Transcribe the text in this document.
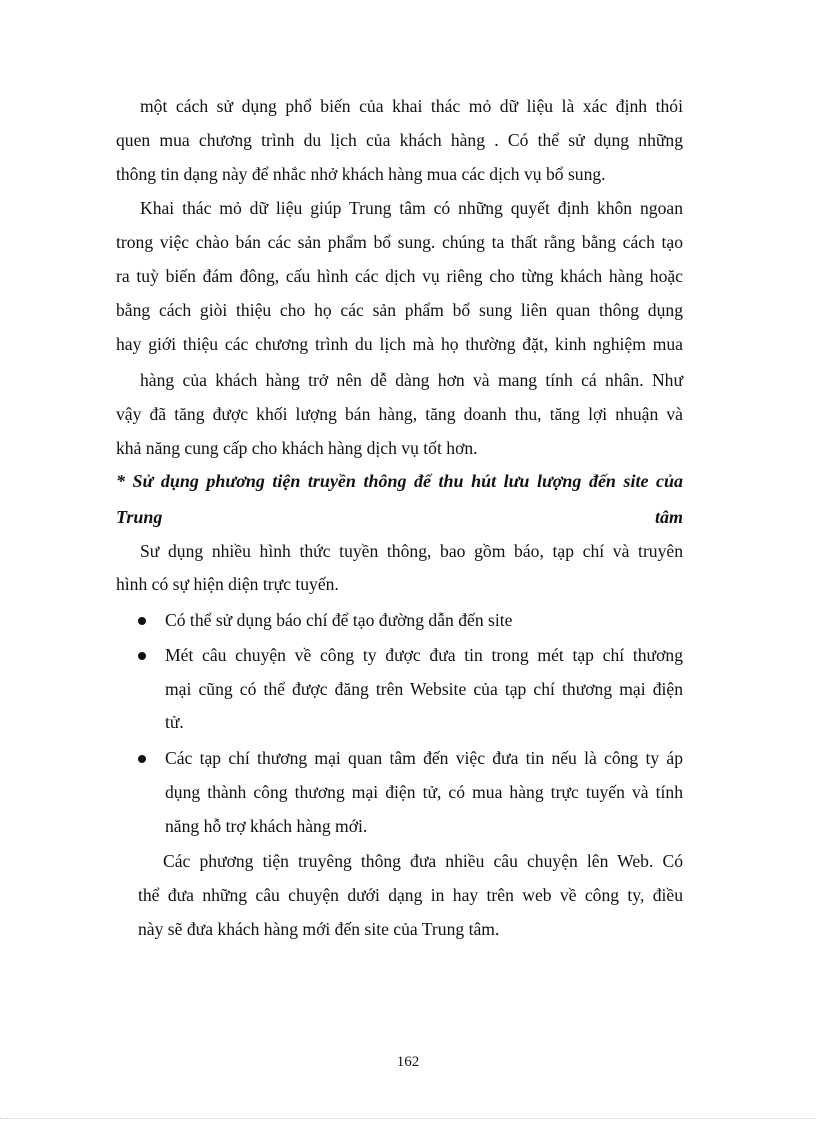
một cách sử dụng phổ biến của khai thác mỏ dữ liệu là xác định thói
quen mua chương trình du lịch của khách hàng . Có thể sử dụng những
thông tin dạng này để nhắc nhở khách hàng mua các dịch vụ bổ sung.
Khai thác mỏ dữ liệu giúp Trung tâm có những quyết định khôn ngoan
trong việc chào bán các sản phẩm bổ sung. chúng ta thất rằng bằng cách tạo
ra tuỳ biến đám đông, cấu hình các dịch vụ riêng cho từng khách hàng hoặc
bằng cách giòi thiệu cho họ các sản phẩm bổ sung liên quan thông dụng
hay giới thiệu các chương trình du lịch mà họ thường đặt, kinh nghiệm mua
hàng của khách hàng trở nên dễ dàng hơn và mang tính cá nhân. Như
vậy đã tăng được khối lượng bán hàng, tăng doanh thu, tăng lợi nhuận và
khả năng cung cấp cho khách hàng dịch vụ tốt hơn.
* Sử dụng phương tiện truyền thông để thu hút lưu lượng đến site của
Trung tâm
Sư dụng nhiều hình thức tuyền thông, bao gồm báo, tạp chí và truyên
hình có sự hiện diện trực tuyến.
Có thể sử dụng báo chí để tạo đường dẫn đến site
Mét câu chuyện về công ty được đưa tin trong mét tạp chí thương
mại cũng có thể được đăng trên Website của tạp chí thương mại điện
tử.
Các tạp chí thương mại quan tâm đến việc đưa tin nếu là công ty áp
dụng thành công thương mại điện tử, có mua hàng trực tuyến và tính
năng hỗ trợ khách hàng mới.
Các phương tiện truyêng thông đưa nhiều câu chuyện lên Web. Có
thể đưa những câu chuyện dưới dạng in hay trên web về công ty, điều
này sẽ đưa khách hàng mới đến site của Trung tâm.
162
